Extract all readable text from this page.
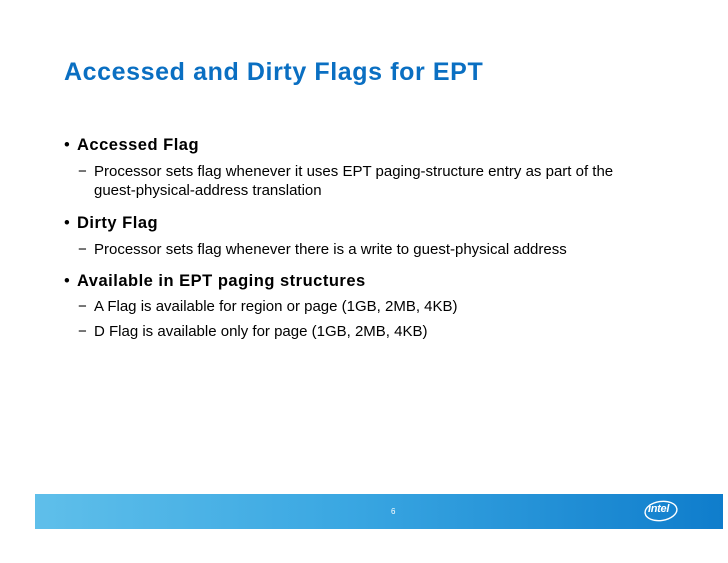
Accessed and Dirty Flags for EPT
• Accessed Flag
− Processor sets flag whenever it uses EPT paging-structure entry as part of the guest-physical-address translation
• Dirty Flag
− Processor sets flag whenever there is a write to guest-physical address
• Available in EPT paging structures
− A Flag is available for region or page (1GB, 2MB, 4KB)
− D Flag is available only for page (1GB, 2MB, 4KB)
6	intel
